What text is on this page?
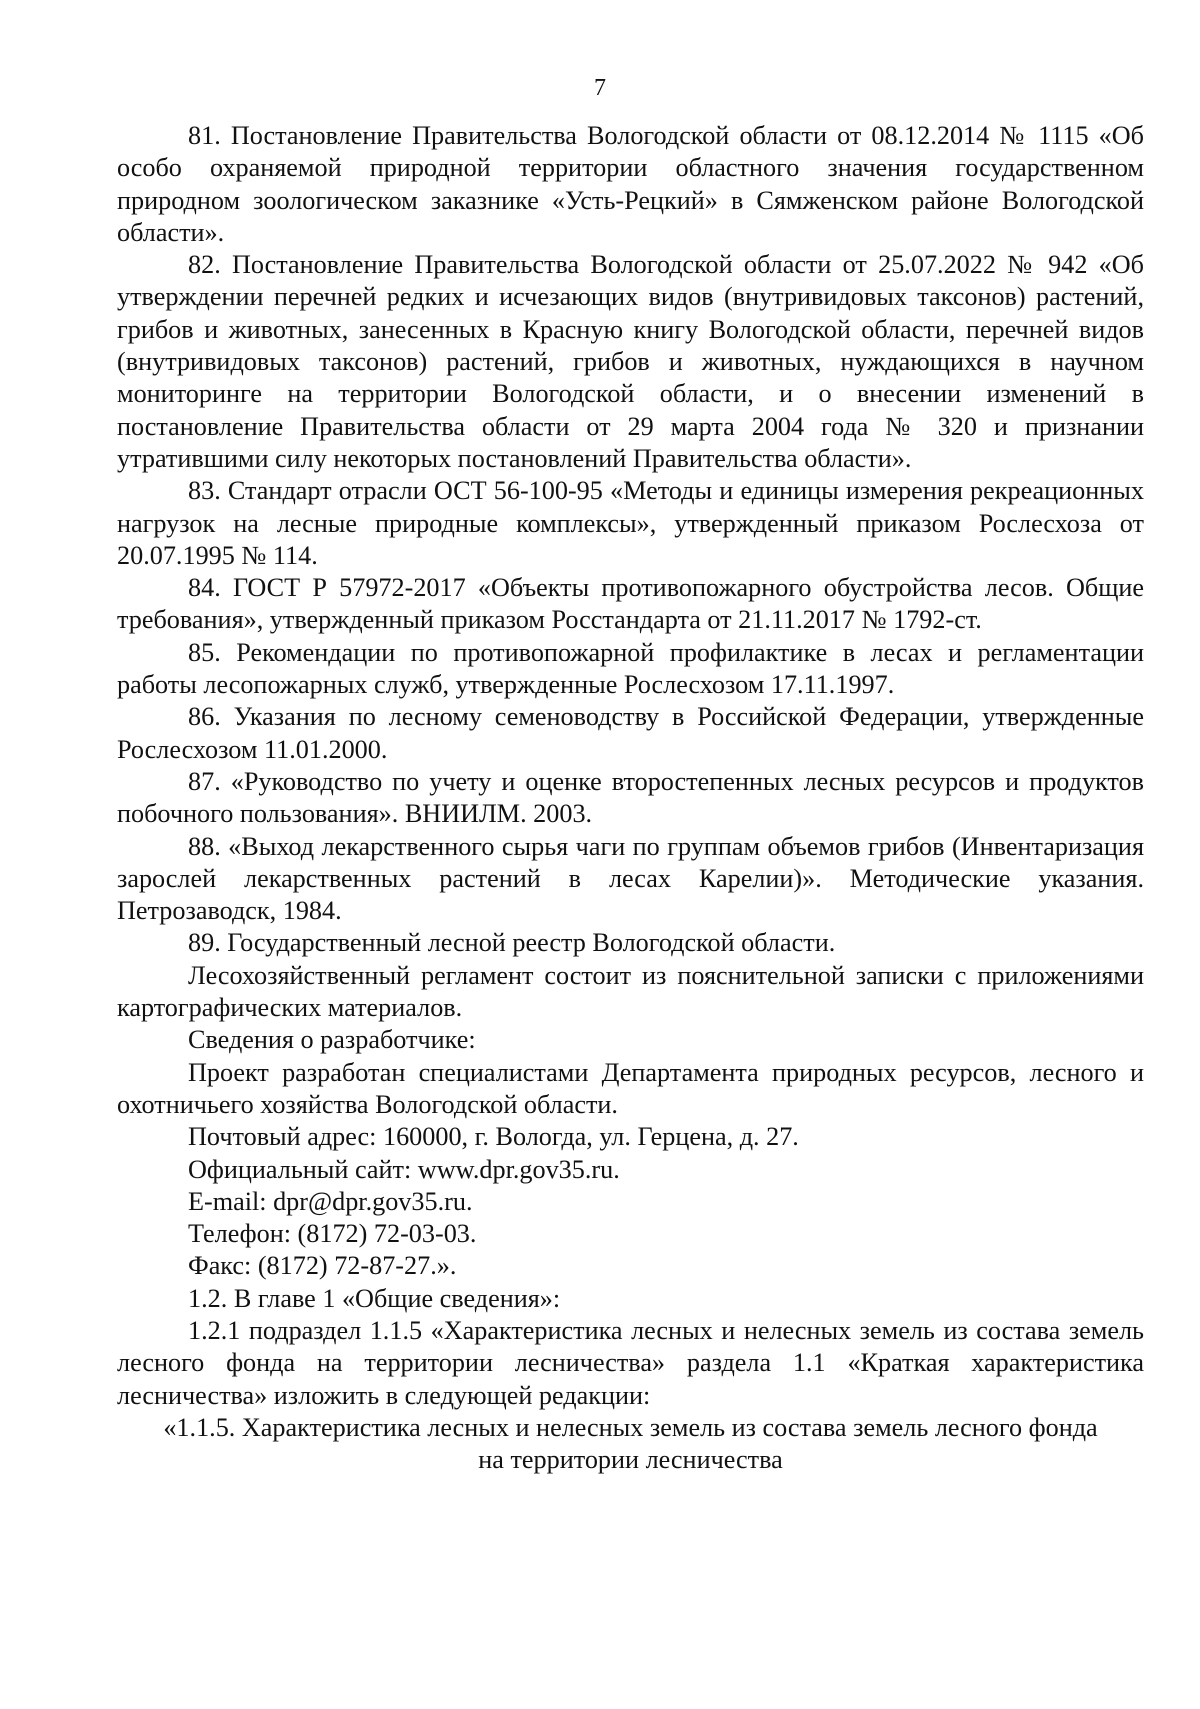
7

81. Постановление Правительства Вологодской области от 08.12.2014 № 1115 «Об особо охраняемой природной территории областного значения государственном природном зоологическом заказнике «Усть-Рецкий» в Сямженском районе Вологодской области».

82. Постановление Правительства Вологодской области от 25.07.2022 № 942 «Об утверждении перечней редких и исчезающих видов (внутривидовых таксонов) растений, грибов и животных, занесенных в Красную книгу Вологодской области, перечней видов (внутривидовых таксонов) растений, грибов и животных, нуждающихся в научном мониторинге на территории Вологодской области, и о внесении изменений в постановление Правительства области от 29 марта 2004 года № 320 и признании утратившими силу некоторых постановлений Правительства области».

83. Стандарт отрасли ОСТ 56-100-95 «Методы и единицы измерения рекреационных нагрузок на лесные природные комплексы», утвержденный приказом Рослесхоза от 20.07.1995 № 114.

84. ГОСТ Р 57972-2017 «Объекты противопожарного обустройства лесов. Общие требования», утвержденный приказом Росстандарта от 21.11.2017 № 1792-ст.

85. Рекомендации по противопожарной профилактике в лесах и регламентации работы лесопожарных служб, утвержденные Рослесхозом 17.11.1997.

86. Указания по лесному семеноводству в Российской Федерации, утвержденные Рослесхозом 11.01.2000.

87. «Руководство по учету и оценке второстепенных лесных ресурсов и продуктов побочного пользования». ВНИИЛМ. 2003.

88. «Выход лекарственного сырья чаги по группам объемов грибов (Инвентаризация зарослей лекарственных растений в лесах Карелии)». Методические указания. Петрозаводск, 1984.

89. Государственный лесной реестр Вологодской области.

Лесохозяйственный регламент состоит из пояснительной записки с приложениями картографических материалов.

Сведения о разработчике:

Проект разработан специалистами Департамента природных ресурсов, лесного и охотничьего хозяйства Вологодской области.

Почтовый адрес: 160000, г. Вологда, ул. Герцена, д. 27.

Официальный сайт: www.dpr.gov35.ru.

E-mail: dpr@dpr.gov35.ru.

Телефон: (8172) 72-03-03.

Факс: (8172) 72-87-27.».

1.2. В главе 1 «Общие сведения»:

1.2.1 подраздел 1.1.5 «Характеристика лесных и нелесных земель из состава земель лесного фонда на территории лесничества» раздела 1.1 «Краткая характеристика лесничества» изложить в следующей редакции:

«1.1.5. Характеристика лесных и нелесных земель из состава земель лесного фонда
на территории лесничества
